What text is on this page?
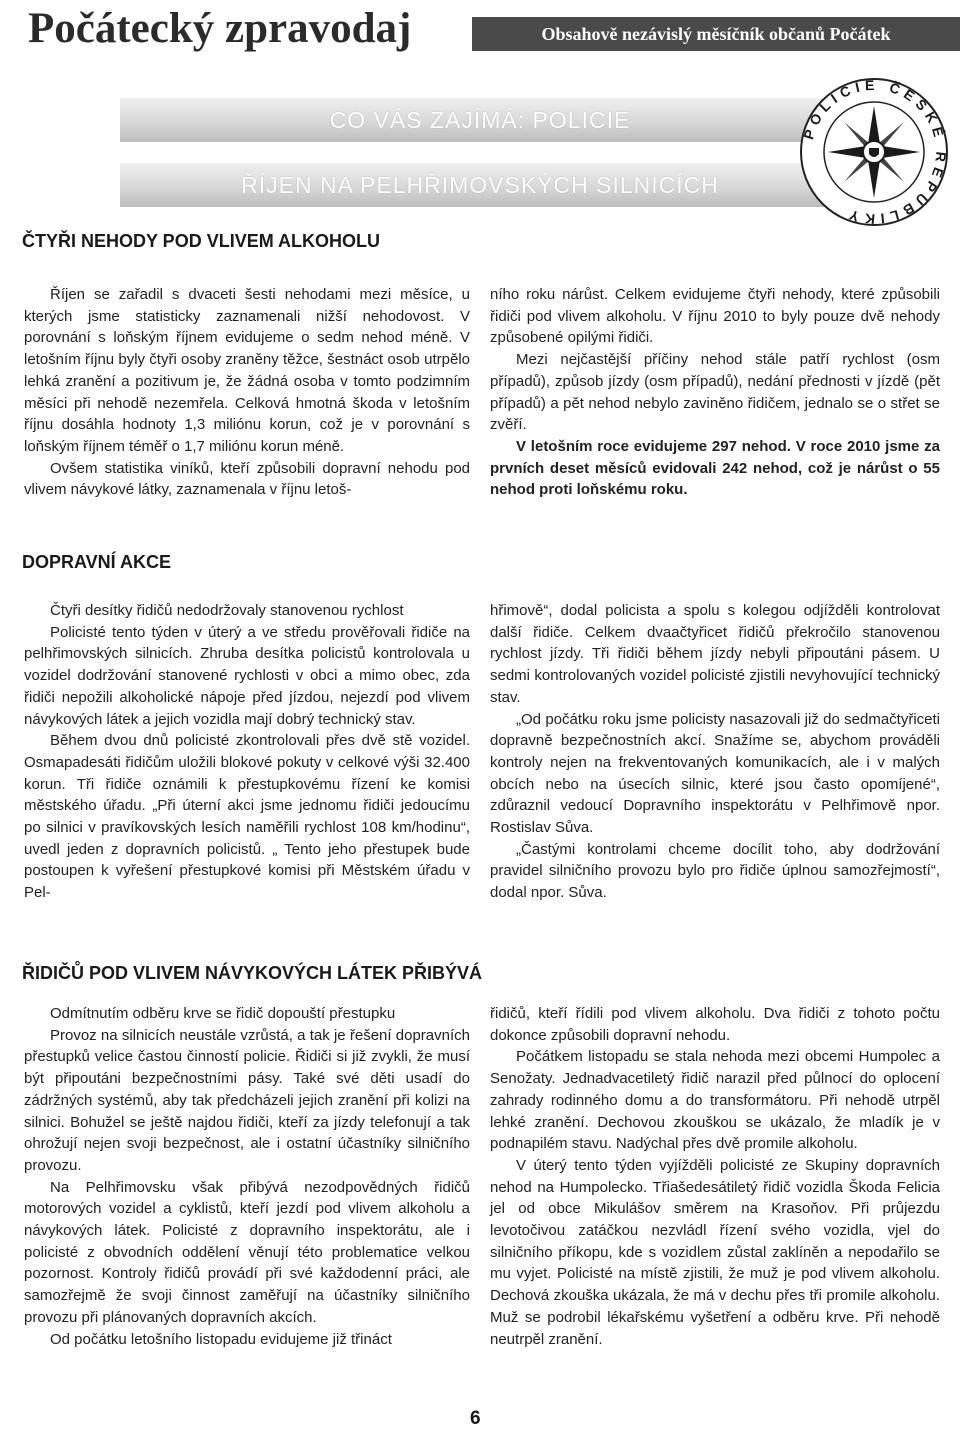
Počátecký zpravodaj	Obsahově nezávislý měsíčník občanů Počátek
CO VÁS ZAJÍMÁ: POLICIE
ŘÍJEN NA PELHŘIMOVSKÝCH SILNICÍCH
POLICIE ČESKÉ REPUBLIKY
ČTYŘI NEHODY POD VLIVEM ALKOHOLU

Říjen se zařadil s dvaceti šesti nehodami mezi měsíce, u kterých jsme statisticky zaznamenali nižší nehodovost. V porovnání s loňským říjnem evidujeme o sedm nehod méně. V letošním říjnu byly čtyři osoby zraněny těžce, šestnáct osob utrpělo lehká zranění a pozitivum je, že žádná osoba v tomto podzimním měsíci při nehodě nezemřela. Celková hmotná škoda v letošním říjnu dosáhla hodnoty 1,3 miliónu korun, což je v porovnání s loňským říjnem téměř o 1,7 miliónu korun méně.

Ovšem statistika viníků, kteří způsobili dopravní nehodu pod vlivem návykové látky, zaznamenala v říjnu letoš-

ního roku nárůst. Celkem evidujeme čtyři nehody, které způsobili řidiči pod vlivem alkoholu. V říjnu 2010 to byly pouze dvě nehody způsobené opilými řidiči.

Mezi nejčastější příčiny nehod stále patří rychlost (osm případů), způsob jízdy (osm případů), nedání přednosti v jízdě (pět případů) a pět nehod nebylo zaviněno řidičem, jednalo se o střet se zvěří.

V letošním roce evidujeme 297 nehod. V roce 2010 jsme za prvních deset měsíců evidovali 242 nehod, což je nárůst o 55 nehod proti loňskému roku.

DOPRAVNÍ AKCE

Čtyři desítky řidičů nedodržovaly stanovenou rychlost

Policisté tento týden v úterý a ve středu prověřovali řidiče na pelhřimovských silnicích. Zhruba desítka policistů kontrolovala u vozidel dodržování stanovené rychlosti v obci a mimo obec, zda řidiči nepožili alkoholické nápoje před jízdou, nejezdí pod vlivem návykových látek a jejich vozidla mají dobrý technický stav.

Během dvou dnů policisté zkontrolovali přes dvě stě vozidel. Osmapadesáti řidičům uložili blokové pokuty v celkové výši 32.400 korun. Tři řidiče oznámili k přestupkovému řízení ke komisi městského úřadu. „Při úterní akci jsme jednomu řidiči jedoucímu po silnici v pravíkovských lesích naměřili rychlost 108 km/hodinu“, uvedl jeden z dopravních policistů. „ Tento jeho přestupek bude postoupen k vyřešení přestupkové komisi při Městském úřadu v Pel-

hřimově“, dodal policista a spolu s kolegou odjížděli kontrolovat další řidiče. Celkem dvaačtyřicet řidičů překročilo stanovenou rychlost jízdy. Tři řidiči během jízdy nebyli připoutáni pásem. U sedmi kontrolovaných vozidel policisté zjistili nevyhovující technický stav.

„Od počátku roku jsme policisty nasazovali již do sedmačtyřiceti dopravně bezpečnostních akcí. Snažíme se, abychom prováděli kontroly nejen na frekventovaných komunikacích, ale i v malých obcích nebo na úsecích silnic, které jsou často opomíjené“, zdůraznil vedoucí Dopravního inspektorátu v Pelhřimově npor. Rostislav Sůva.

„Častými kontrolami chceme docílit toho, aby dodržování pravidel silničního provozu bylo pro řidiče úplnou samozřejmostí“, dodal npor. Sůva.

ŘIDIČŮ POD VLIVEM NÁVYKOVÝCH LÁTEK PŘIBÝVÁ

Odmítnutím odběru krve se řidič dopouští přestupku

Provoz na silnicích neustále vzrůstá, a tak je řešení dopravních přestupků velice častou činností policie. Řidiči si již zvykli, že musí být připoutáni bezpečnostními pásy. Také své děti usadí do zádržných systémů, aby tak předcházeli jejich zranění při kolizi na silnici. Bohužel se ještě najdou řidiči, kteří za jízdy telefonují a tak ohrožují nejen svoji bezpečnost, ale i ostatní účastníky silničního provozu.

Na Pelhřimovsku však přibývá nezodpovědných řidičů motorových vozidel a cyklistů, kteří jezdí pod vlivem alkoholu a návykových látek. Policisté z dopravního inspektorátu, ale i policisté z obvodních oddělení věnují této problematice velkou pozornost. Kontroly řidičů provádí při své každodenní práci, ale samozřejmě že svoji činnost zaměřují na účastníky silničního provozu při plánovaných dopravních akcích.

Od počátku letošního listopadu evidujeme již třináct

řidičů, kteří řídili pod vlivem alkoholu. Dva řidiči z tohoto počtu dokonce způsobili dopravní nehodu.

Počátkem listopadu se stala nehoda mezi obcemi Humpolec a Senožaty. Jednadvacetiletý řidič narazil před půlnocí do oplocení zahrady rodinného domu a do transformátoru. Při nehodě utrpěl lehké zranění. Dechovou zkouškou se ukázalo, že mladík je v podnapilém stavu. Nadýchal přes dvě promile alkoholu.

V úterý tento týden vyjížděli policisté ze Skupiny dopravních nehod na Humpolecko. Třiašedesátiletý řidič vozidla Škoda Felicia jel od obce Mikulášov směrem na Krasoňov. Při průjezdu levotočivou zatáčkou nezvládl řízení svého vozidla, vjel do silničního příkopu, kde s vozidlem zůstal zaklíněn a nepodařilo se mu vyjet. Policisté na místě zjistili, že muž je pod vlivem alkoholu. Dechová zkouška ukázala, že má v dechu přes tři promile alkoholu. Muž se podrobil lékařskému vyšetření a odběru krve. Při nehodě neutrpěl zranění.

6
